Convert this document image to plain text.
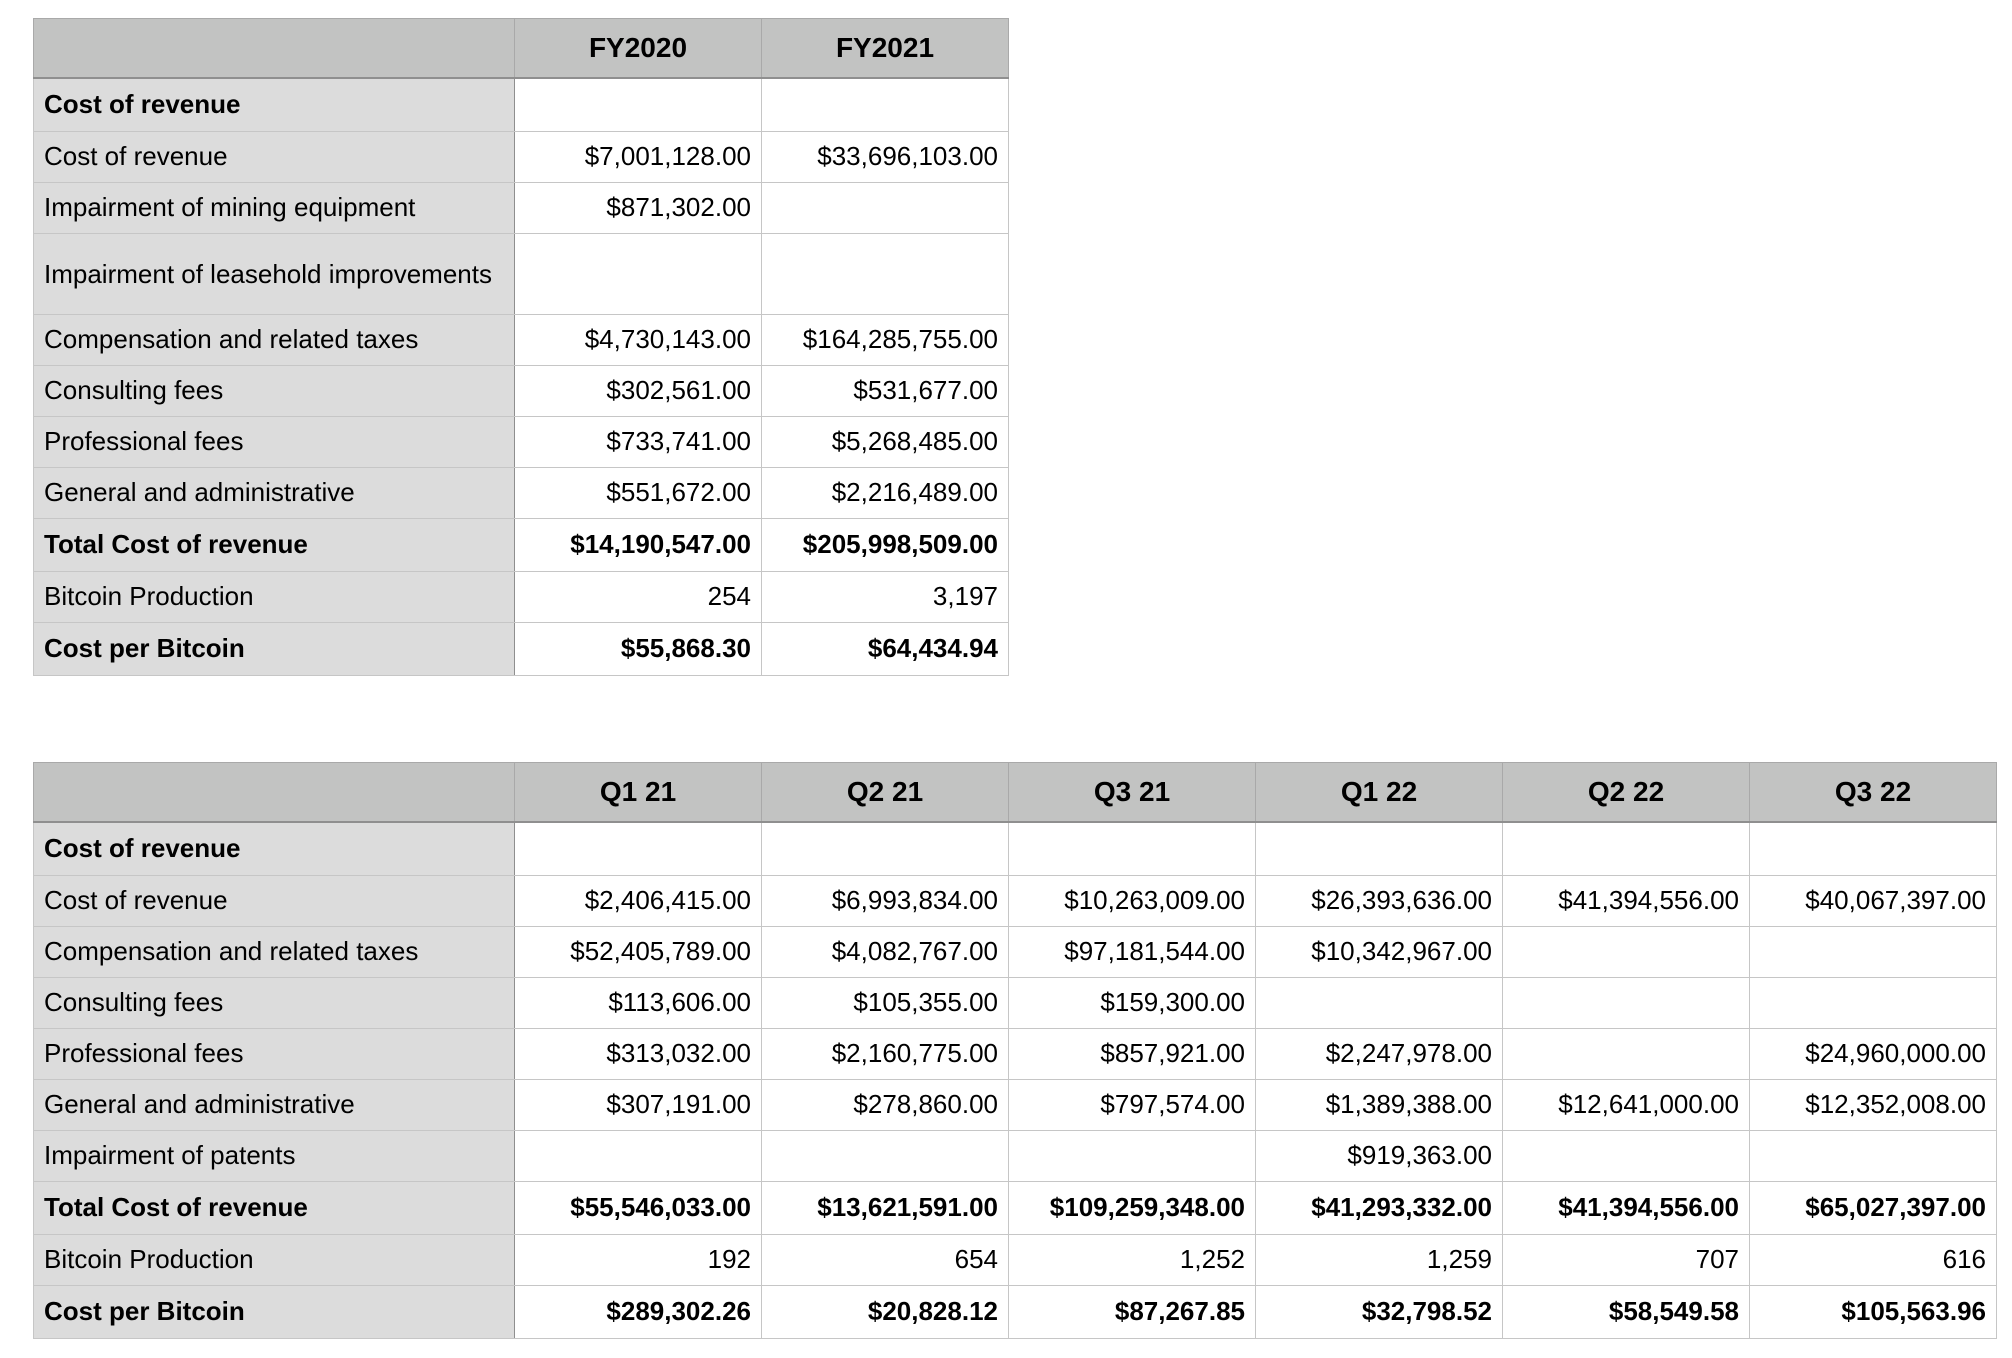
	FY2020	FY2021
Cost of revenue		
Cost of revenue	$7,001,128.00	$33,696,103.00
Impairment of mining equipment	$871,302.00	
Impairment of leasehold improvements		
Compensation and related taxes	$4,730,143.00	$164,285,755.00
Consulting fees	$302,561.00	$531,677.00
Professional fees	$733,741.00	$5,268,485.00
General and administrative	$551,672.00	$2,216,489.00
Total Cost of revenue	$14,190,547.00	$205,998,509.00
Bitcoin Production	254	3,197
Cost per Bitcoin	$55,868.30	$64,434.94
	Q1 21	Q2 21	Q3 21	Q1 22	Q2 22	Q3 22
Cost of revenue						
Cost of revenue	$2,406,415.00	$6,993,834.00	$10,263,009.00	$26,393,636.00	$41,394,556.00	$40,067,397.00
Compensation and related taxes	$52,405,789.00	$4,082,767.00	$97,181,544.00	$10,342,967.00		
Consulting fees	$113,606.00	$105,355.00	$159,300.00			
Professional fees	$313,032.00	$2,160,775.00	$857,921.00	$2,247,978.00		$24,960,000.00
General and administrative	$307,191.00	$278,860.00	$797,574.00	$1,389,388.00	$12,641,000.00	$12,352,008.00
Impairment of patents				$919,363.00		
Total Cost of revenue	$55,546,033.00	$13,621,591.00	$109,259,348.00	$41,293,332.00	$41,394,556.00	$65,027,397.00
Bitcoin Production	192	654	1,252	1,259	707	616
Cost per Bitcoin	$289,302.26	$20,828.12	$87,267.85	$32,798.52	$58,549.58	$105,563.96
